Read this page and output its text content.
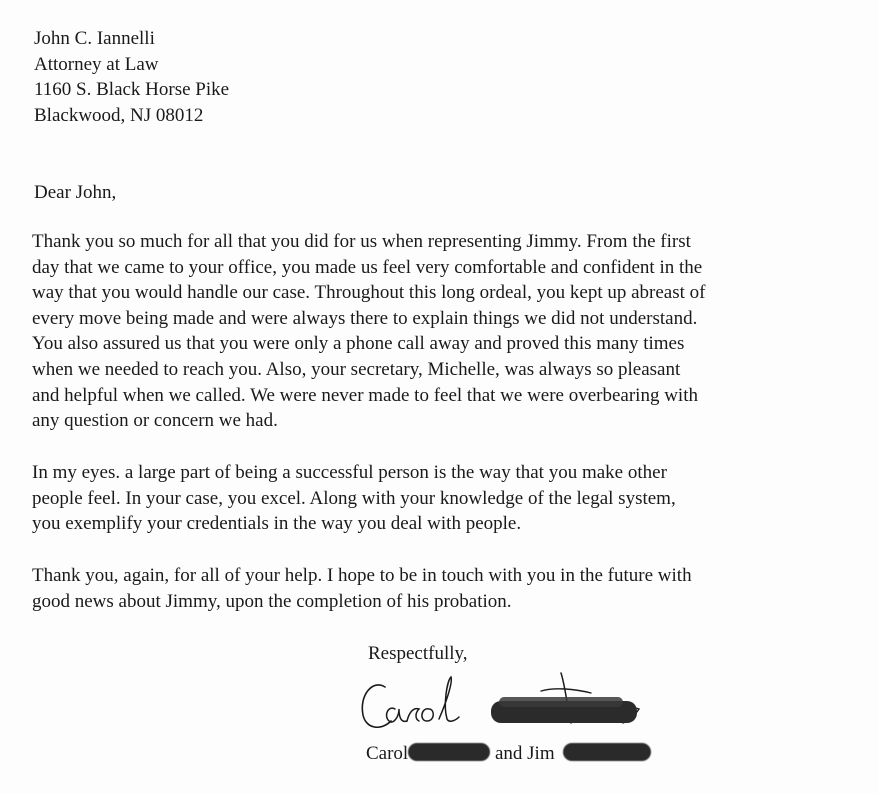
John C. Iannelli
Attorney at Law
1160 S. Black Horse Pike
Blackwood, NJ 08012
Dear John,
Thank you so much for all that you did for us when representing Jimmy. From the first
day that we came to your office, you made us feel very comfortable and confident in the
way that you would handle our case. Throughout this long ordeal, you kept up abreast of
every move being made and were always there to explain things we did not understand.
You also assured us that you were only a phone call away and proved this many times
when we needed to reach you. Also, your secretary, Michelle, was always so pleasant
and helpful when we called. We were never made to feel that we were overbearing with
any question or concern we had.
In my eyes. a large part of being a successful person is the way that you make other
people feel. In your case, you excel. Along with your knowledge of the legal system,
you exemplify your credentials in the way you deal with people.
Thank you, again, for all of your help. I hope to be in touch with you in the future with
good news about Jimmy, upon the completion of his probation.
Respectfully,
Carol	and Jim
